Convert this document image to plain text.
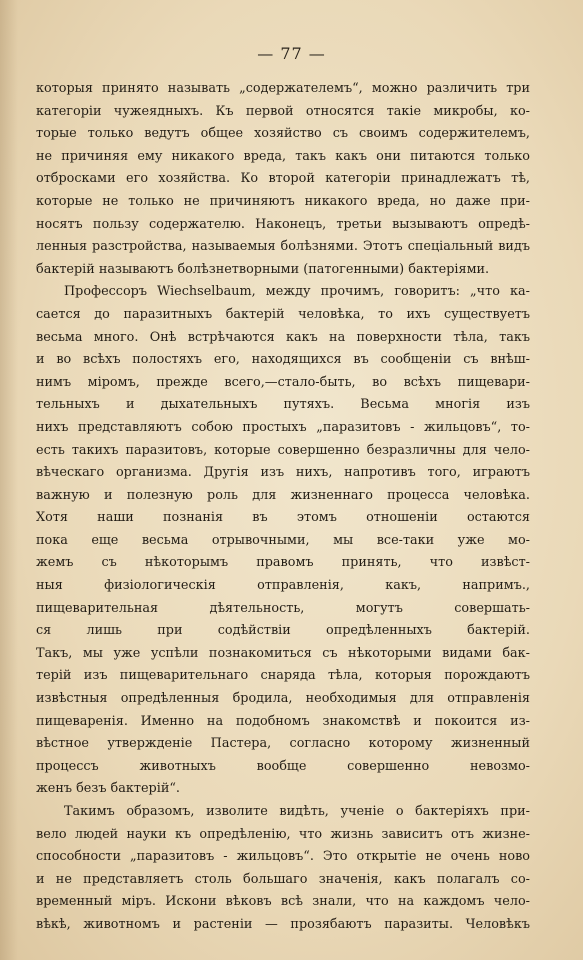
— 77 —
которыя принято называть „содержателемъ“, можно различить три
категоріи чужеядныхъ. Къ первой относятся такіе микробы, ко-
торые только ведутъ общее хозяйство съ своимъ содержителемъ,
не причиняя ему никакого вреда, такъ какъ они питаются только
отбросками его хозяйства. Ко второй категоріи принадлежатъ тѣ,
которые не только не причиняютъ никакого вреда, но даже при-
носятъ пользу содержателю. Наконецъ, третьи вызываютъ опредѣ-
ленныя разстройства, называемыя болѣзнями. Этотъ спеціальный видъ
бактерій называютъ болѣзнетворными (патогенными) бактеріями.
Профессоръ Wiechselbaum, между прочимъ, говоритъ: „что ка-
сается до паразитныхъ бактерій человѣка, то ихъ существуетъ
весьма много. Онѣ встрѣчаются какъ на поверхности тѣла, такъ
и во всѣхъ полостяхъ его, находящихся въ сообщеніи съ внѣш-
нимъ міромъ, прежде всего,—стало-быть, во всѣхъ пищевари-
тельныхъ и дыхательныхъ путяхъ. Весьма многія изъ
нихъ представляютъ собою простыхъ „паразитовъ - жильцовъ“, то-
есть такихъ паразитовъ, которые совершенно безразличны для чело-
вѣческаго организма. Другія изъ нихъ, напротивъ того, играютъ
важную и полезную роль для жизненнаго процесса человѣка.
Хотя наши познанія въ этомъ отношеніи остаются
пока еще весьма отрывочными, мы все-таки уже мо-
жемъ съ нѣкоторымъ правомъ принять, что извѣст-
ныя физіологическія отправленія, какъ, напримъ.,
пищеварительная дѣятельность, могутъ совершать-
ся лишь при содѣйствіи опредѣленныхъ бактерій.
Такъ, мы уже успѣли познакомиться съ нѣкоторыми видами бак-
терій изъ пищеварительнаго снаряда тѣла, которыя порождаютъ
извѣстныя опредѣленныя бродила, необходимыя для отправленія
пищеваренія. Именно на подобномъ знакомствѣ и покоится из-
вѣстное утвержденіе Пастера, согласно которому жизненный
процессъ животныхъ вообще совершенно невозмо-
женъ безъ бактерій“.
Такимъ образомъ, изволите видѣть, ученіе о бактеріяхъ при-
вело людей науки къ опредѣленію, что жизнь зависитъ отъ жизне-
способности „паразитовъ - жильцовъ“. Это открытіе не очень ново
и не представляетъ столь большаго значенія, какъ полагалъ со-
временный міръ. Искони вѣковъ всѣ знали, что на каждомъ чело-
вѣкѣ, животномъ и растеніи — прозябаютъ паразиты. Человѣкъ
